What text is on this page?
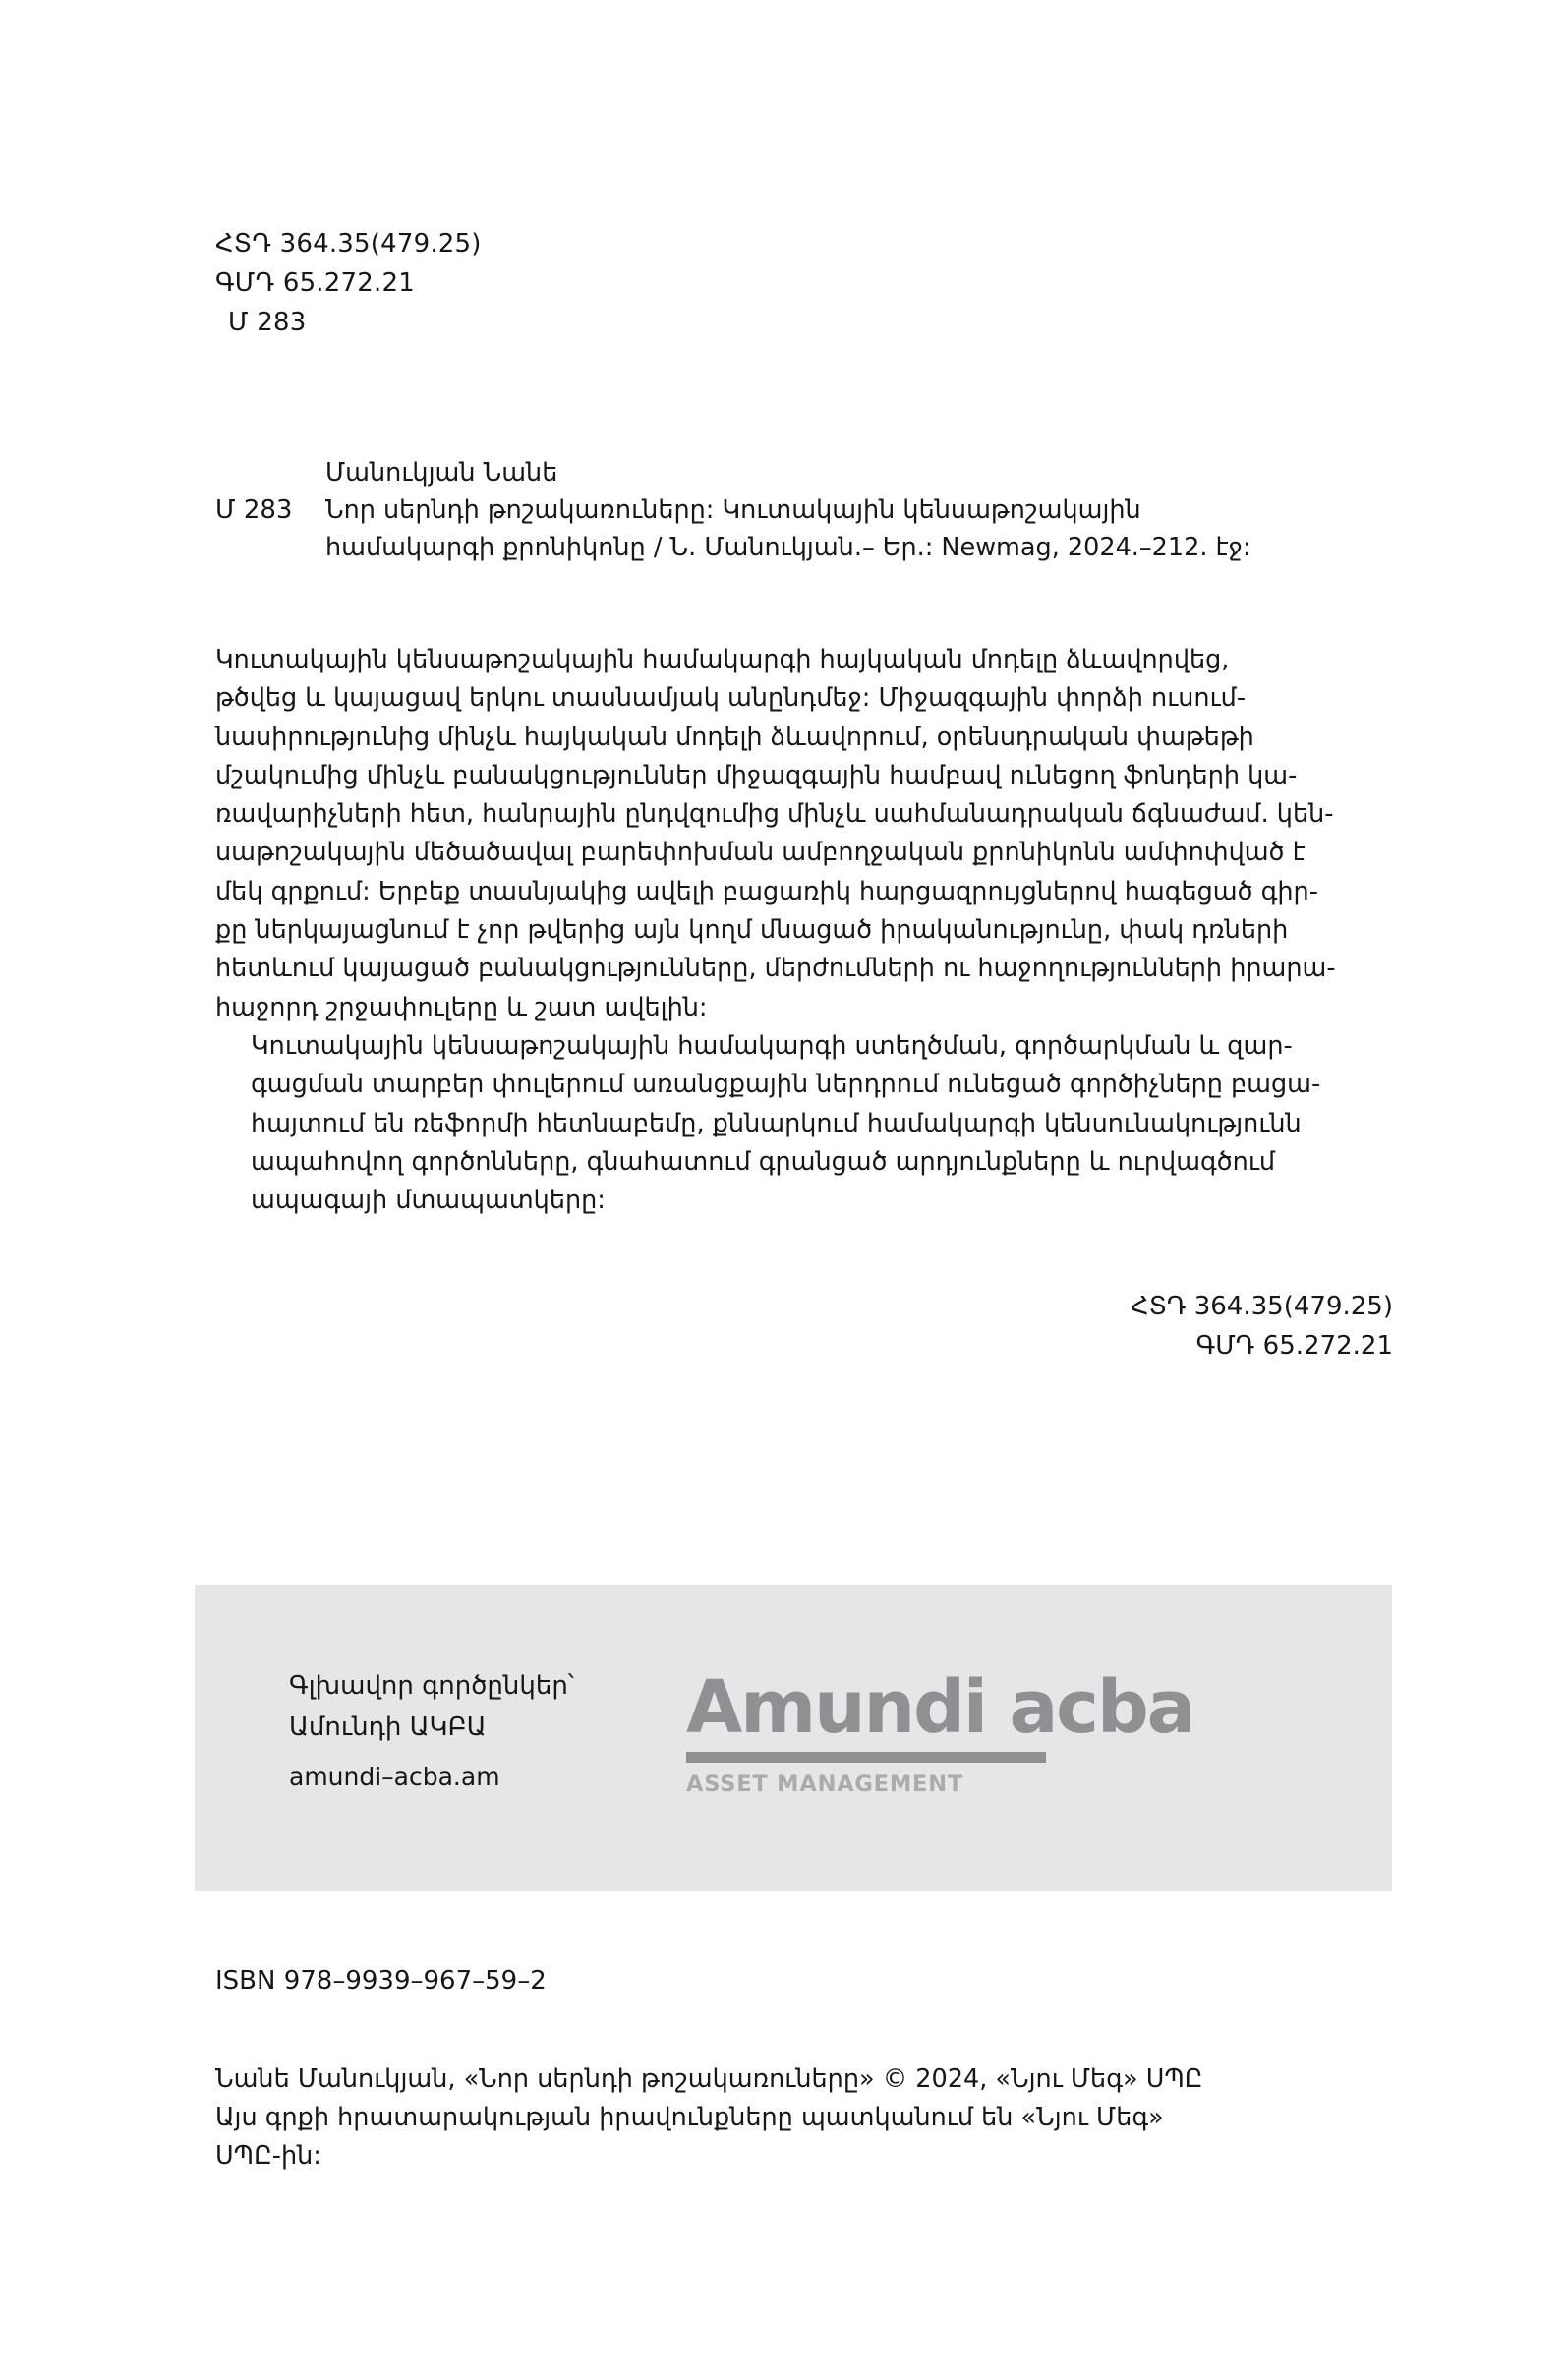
ՀՏԴ 364.35(479.25)
ԳՄԴ 65.272.21
Մ 283
Մ 283
Մանուկյան Նանե
Նոր սերնդի թոշակառուները: Կուտակային կենսաթոշակային
համակարգի քրոնիկոնը / Ն. Մանուկյան.– Եր.: Newmag, 2024.–212. էջ:

Կուտակային կենսաթոշակային համակարգի հայկական մոդելը ձևավորվեց,
թծվեց և կայացավ երկու տասնամյակ անընդմեջ: Միջազգային փորձի ուսում-
նասիրությունից մինչև հայկական մոդելի ձևավորում, օրենսդրական փաթեթի
մշակումից մինչև բանակցություններ միջազգային համբավ ունեցող ֆոնդերի կա-
ռավարիչների հետ, հանրային ընդվզումից մինչև սահմանադրական ճգնաժամ. կեն-
սաթոշակային մեծածավալ բարեփոխման ամբողջական քրոնիկոնն ամփոփված է
մեկ գրքում: Երբեք տասնյակից ավելի բացառիկ հարցազրույցներով հագեցած գիր-
քը ներկայացնում է չոր թվերից այն կողմ մնացած իրականությունը, փակ դռների
հետևում կայացած բանակցությունները, մերժումների ու հաջողությունների իրարա-
հաջորդ շրջափուլերը և շատ ավելին:

Կուտակային կենսաթոշակային համակարգի ստեղծման, գործարկման և զար-
գացման տարբեր փուլերում առանցքային ներդրում ունեցած գործիչները բացա-
հայտում են ռեֆորմի հետնաբեմը, քննարկում համակարգի կենսունակությունն
ապահովող գործոնները, գնահատում գրանցած արդյունքները և ուրվագծում
ապագայի մտապատկերը:

ՀՏԴ 364.35(479.25)
ԳՄԴ 65.272.21
Գլխավոր գործընկեր՝
Ամունդի ԱԿԲԱ
amundi–acba.am
Amundi acba
ASSET MANAGEMENT
ISBN 978–9939–967–59–2
Նանե Մանուկյան, «Նոր սերնդի թոշակառուները» © 2024, «Նյու Մեգ» ՍՊԸ
Այս գրքի հրատարակության իրավունքները պատկանում են «Նյու Մեգ»
ՍՊԸ-ին:
